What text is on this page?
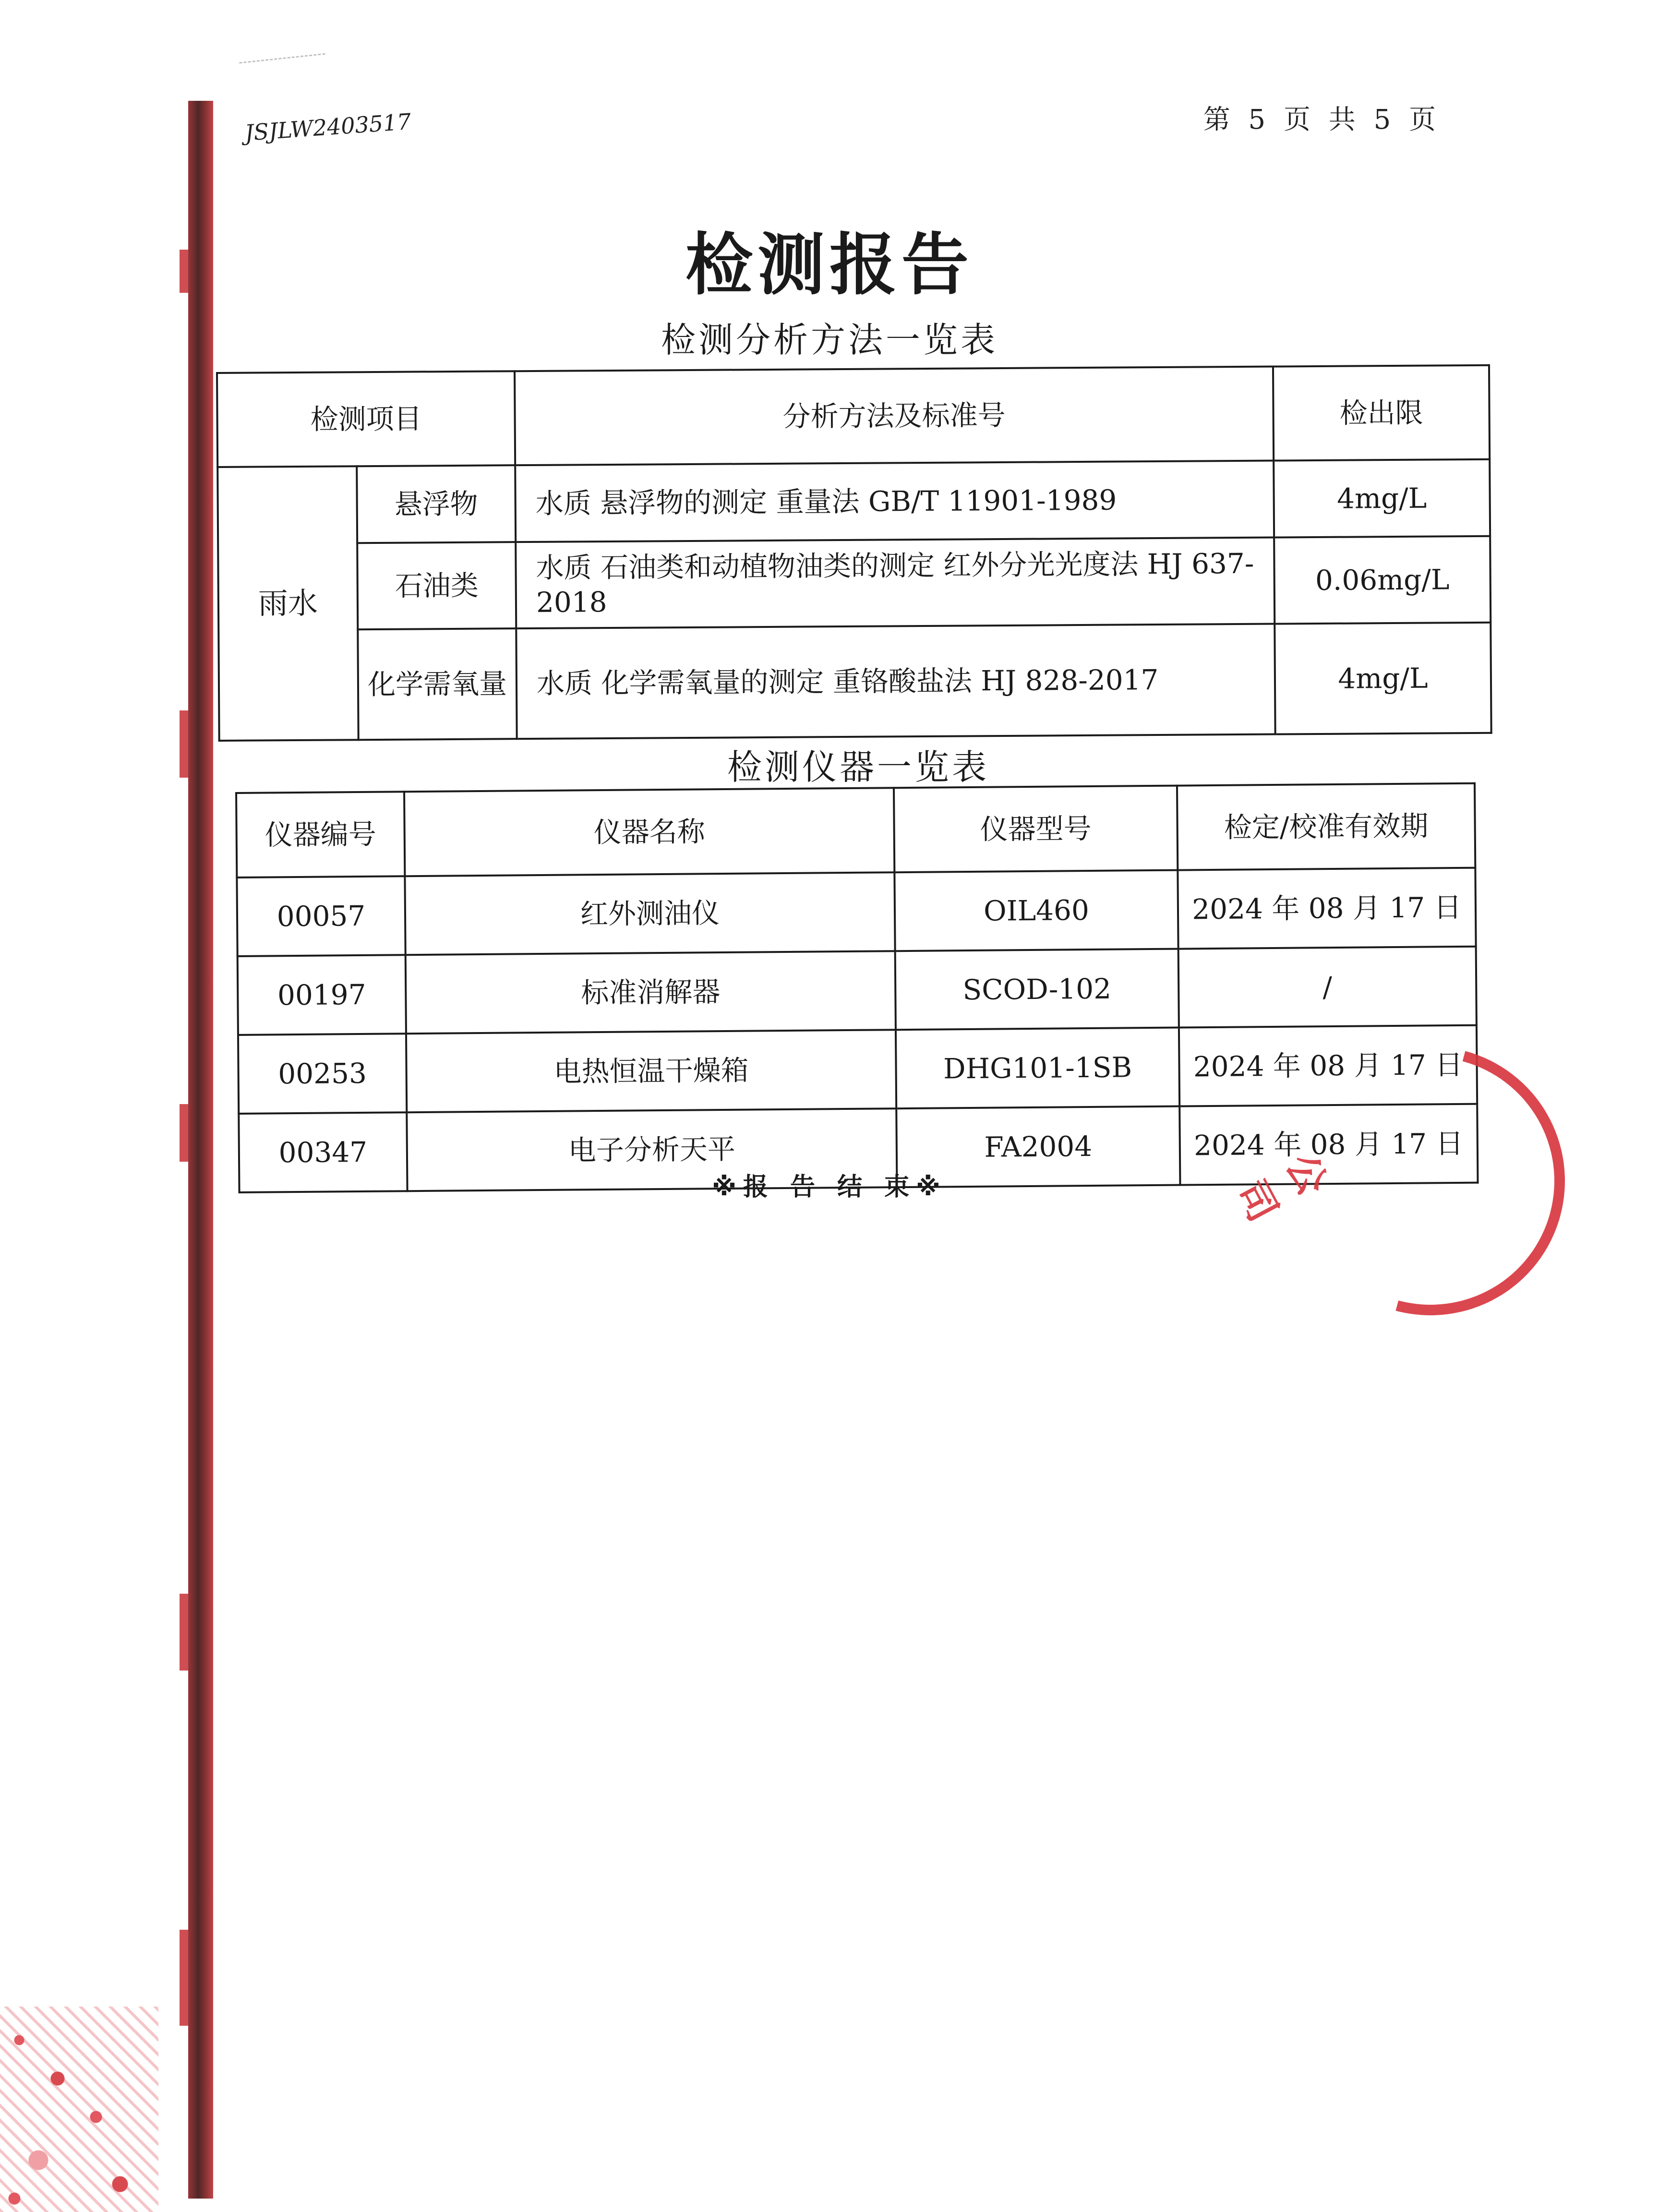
JSJLW2403517	第 5 页 共 5 页
检测报告
检测分析方法一览表
检测项目		分析方法及标准号	检出限
雨水	悬浮物	水质 悬浮物的测定 重量法 GB/T 11901-1989	4mg/L
	石油类	水质 石油类和动植物油类的测定 红外分光光度法 HJ 637-2018	0.06mg/L
	化学需氧量	水质 化学需氧量的测定 重铬酸盐法 HJ 828-2017	4mg/L
检测仪器一览表
仪器编号	仪器名称	仪器型号	检定/校准有效期
00057	红外测油仪	OIL460	2024 年 08 月 17 日
00197	标准消解器	SCOD-102	/
00253	电热恒温干燥箱	DHG101-1SB	2024 年 08 月 17 日
00347	电子分析天平	FA2004	2024 年 08 月 17 日
※报 告 结 束※	公司
